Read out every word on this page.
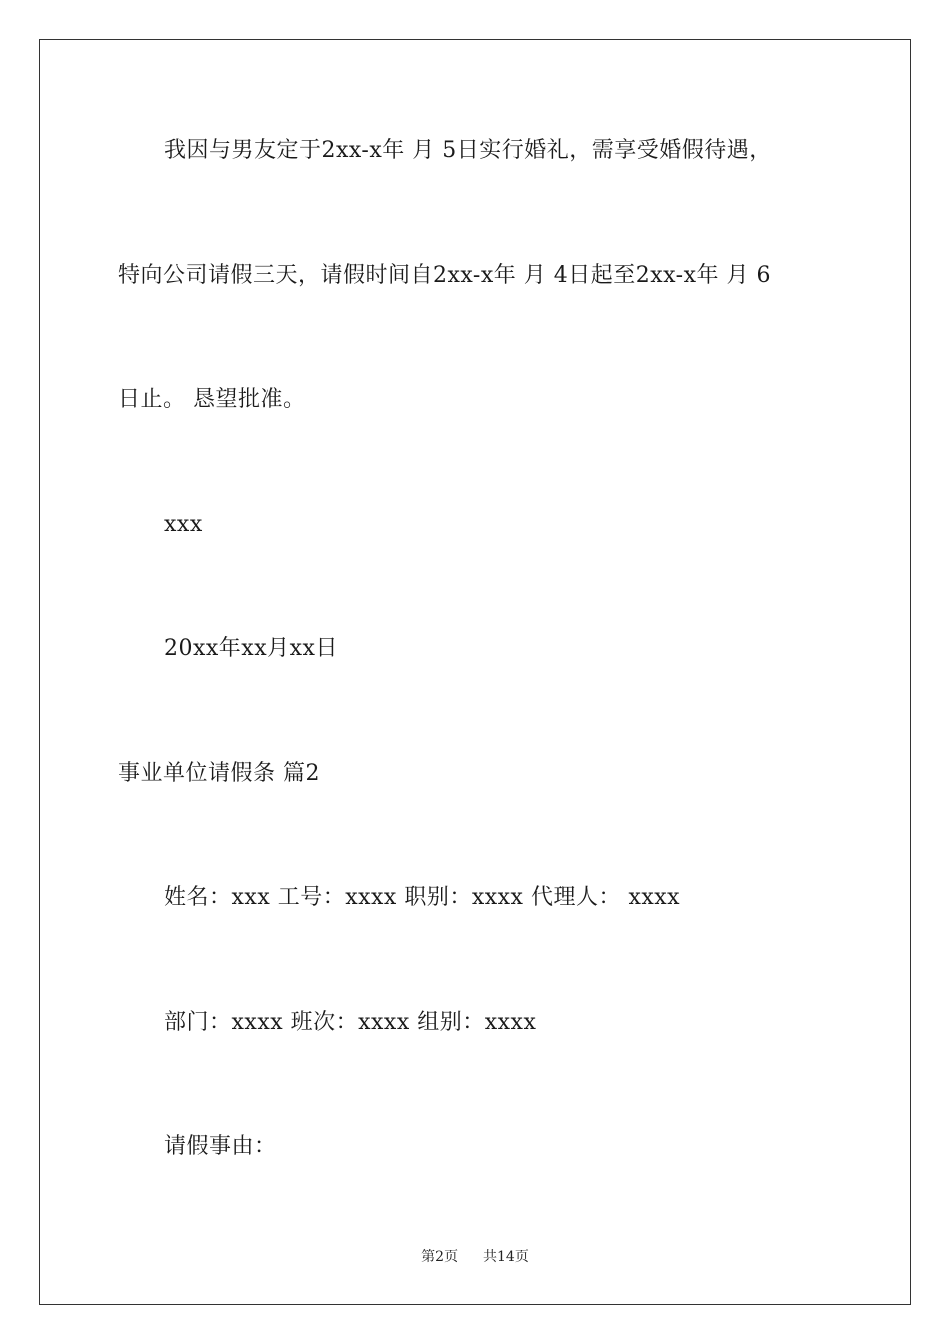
我因与男友定于2xx-x年 月 5日实行婚礼，需享受婚假待遇，
特向公司请假三天，请假时间自2xx-x年 月 4日起至2xx-x年 月 6
日止。 恳望批准。
xxx
20xx年xx月xx日
事业单位请假条 篇2
姓名：xxx 工号：xxxx 职别：xxxx 代理人： xxxx
部门：xxxx 班次：xxxx 组别：xxxx
请假事由：
第2页 共14页
